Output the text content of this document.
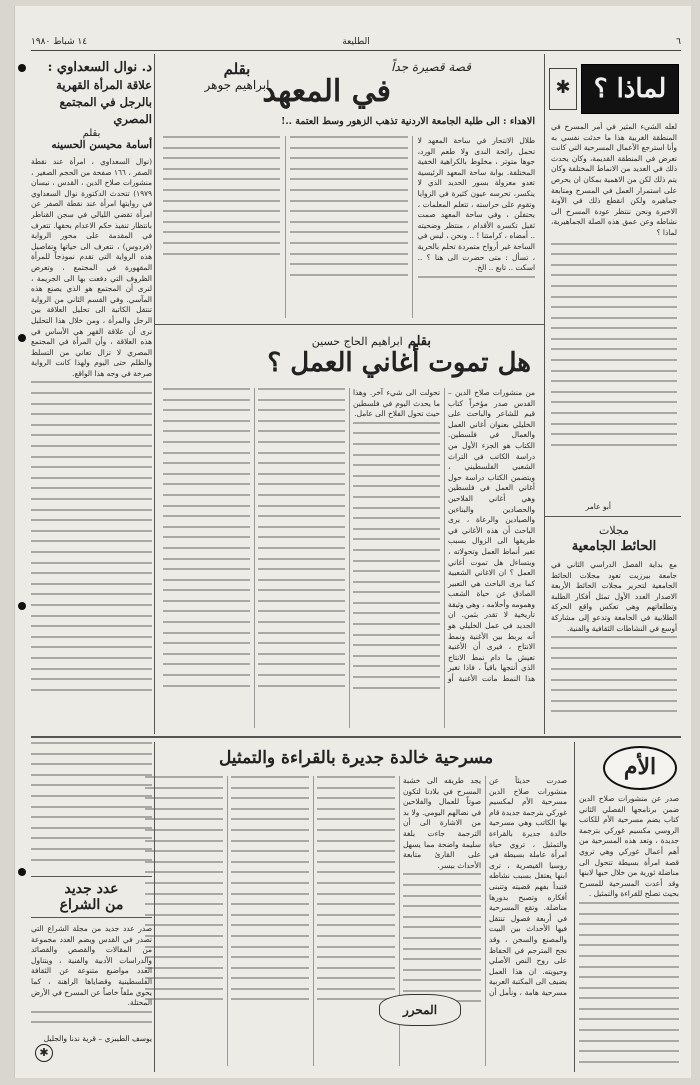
٦
الطليعة
١٤ شباط ١٩٨٠
لماذا ؟
✱

لعله الشيء المثير في أمر المسرح في المنطقة الغربية هذا ما حدثت نفسي به وأنا استرجع الأعمال المسرحية التي كانت تعرض في المنطقة القديمة، وكان يحدث ذلك في العديد من الانماط المختلفة وكان يتم ذلك لكن من الاهمية بمكان ان يحرص على استمرار العمل في المسرح ومتابعة جماهيره ولكن انقطع ذلك في الآونة الاخيرة ونحن ننتظر عودة المسرح الى نشاطه وعن عمق هذه الصلة الجماهيرية، لماذا ؟

أبو عامر
مجلات
الحائط الجامعية

مع بداية الفصل الدراسي الثاني في جامعة بيرزيت تعود مجلات الحائط الجامعية لتحرير مجلات الحائط الأربعة الاصدار العدد الأول تمثل أفكار الطلبة وتطلعاتهم وهي تعكس واقع الحركة الطلابية في الجامعة وتدعو إلى مشاركة أوسع في النشاطات الثقافية والفنية.

قصة قصيرة جداً
في المعهد
بقلم
ابراهيم جوهر
الاهداء : الى طلبة الجامعة الاردنية تذهب الزهور وسط العتمة ..!

طلال الانتحار في ساحة المعهد لا تحمل رائحة الندى ولا طعم الورد، جوها متوتر ، مخلوط بالكراهية الخفية المختلفة. بوابة ساحة المعهد الرئيسية تغدو معزولة بسور الحديد الذي لا ينكسر، تحرسه عيون كثيرة في الزوايا وتقوم على حراسته ، تتعلم المعلمات ، يحتفلن ، وفي ساحة المعهد صمت ثقيل تكسره الأقدام ، منتظر وضحيته .. أمضاه ، كرامتنا ! .. ونحن ، ليس في الساحة غير أرواح متمردة تحلم بالحرية ، تسأل : متى حضرت الى هنا ؟ .. اسكت .. تابع .. الخ.

بقلم ابراهيم الحاج حسين
هل تموت أغاني العمل ؟

من منشورات صلاح الدين – القدس صدر مؤخراً كتاب قيم للشاعر والباحث على الخليلي بعنوان أغاني العمل والعمال في فلسطين. الكتاب هو الجزء الأول من دراسة الكاتب في التراث الشعبي الفلسطيني ، ويتضمن الكتاب دراسة حول أغاني العمل في فلسطين وهي أغاني الفلاحين والحصادين والبناءين والصيادين والرعاة ، يرى الباحث أن هذه الأغاني في طريقها الى الزوال بسبب تغير أنماط العمل وتحولاته ، ويتساءل هل تموت أغاني العمل ؟ ان الاغاني الشعبية كما يرى الباحث هي التعبير الصادق عن حياة الشعب وهمومه وأحلامه ، وهي وثيقة تاريخية لا تقدر بثمن. ان الجديد في عمل الخليلي هو أنه يربط بين الأغنية ونمط الانتاج ، فيرى أن الأغنية تعيش ما دام نمط الانتاج الذي أنتجها باقياً ، فاذا تغير هذا النمط ماتت الأغنية أو تحولت الى شيء آخر. وهذا ما يحدث اليوم في فلسطين حيث تحول الفلاح الى عامل.

د. نوال السعداوي :
علاقة المرأة القهرية بالرجل في المجتمع المصري
بقلم
أسامة محيسن الحسينه

(نوال السعداوي ، امرأة عند نقطة الصفر ، ١٦٦ صفحة من الحجم الصغير ، منشورات صلاح الدين ، القدس ، نيسان ١٩٧٩) تتحدث الدكتورة نوال السعداوي في روايتها امرأة عند نقطة الصفر عن امرأة تقضي الليالي في سجن القناطر بانتظار تنفيذ حكم الاعدام بحقها. تتعرف في المقدمة على محور الرواية (فردوس) ، نتعرف الى حياتها وتفاصيل هذه الرواية التي تقدم نموذجاً للمرأة المقهورة في المجتمع ، وتعرض الظروف التي دفعت بها الى الجريمة ، لنرى أن المجتمع هو الذي يصنع هذه المآسي. وفي القسم الثاني من الرواية تنتقل الكاتبة الى تحليل العلاقة بين الرجل والمرأة ، ومن خلال هذا التحليل نرى أن علاقة القهر هي الأساس في هذه العلاقة ، وأن المرأة في المجتمع المصري لا تزال تعاني من التسلط والظلم حتى اليوم ولهذا كانت الرواية صرخة في وجه هذا الواقع.

الأم

صدر عن منشورات صلاح الدين ضمن برنامجها الفصلي الثاني كتاب يضم مسرحية الأم للكاتب الروسي مكسيم غوركي بترجمة جديدة ، وتعد هذه المسرحية من أهم أعمال غوركي وهي تروي قصة امرأة بسيطة تتحول الى مناضلة ثورية من خلال حبها لابنها وقد أعدت المسرحية للمسرح بحيث تصلح للقراءة والتمثيل .

مسرحية خالدة جديرة بالقراءة والتمثيل

صدرت حديثاً عن منشورات صلاح الدين مسرحية الأم لمكسيم غوركي بترجمة جديدة قام بها الكاتب وهي مسرحية خالدة جديرة بالقراءة والتمثيل ، تروي حياة امرأة عاملة بسيطة في روسيا القيصرية ، ترى ابنها يعتقل بسبب نشاطه فتبدأ بفهم قضيته وتتبنى أفكاره وتصبح بدورها مناضلة. وتقع المسرحية في أربعة فصول تنتقل فيها الأحداث بين البيت والمصنع والسجن ، وقد نجح المترجم في الحفاظ على روح النص الأصلي وحيويته. ان هذا العمل يضيف الى المكتبة العربية مسرحية هامة ، ونأمل أن يجد طريقه الى خشبة المسرح في بلادنا لتكون صوتاً للعمال والفلاحين في نضالهم اليومي. ولا بد من الاشارة الى أن الترجمة جاءت بلغة سليمة واضحة مما يسهل على القارئ متابعة الأحداث بيسر.

المحرر
عدد جديد
من الشراع

صدر عدد جديد من مجلة الشراع التي تصدر في القدس ويضم العدد مجموعة من المقالات والقصص والقصائد والدراسات الأدبية والفنية ، ويتناول العدد مواضيع متنوعة عن الثقافة الفلسطينية وقضاياها الراهنة ، كما يحوي ملفاً خاصاً عن المسرح في الأرض المحتلة.

يوسف الطيبزي – قرية ندنا والجليل
✱
